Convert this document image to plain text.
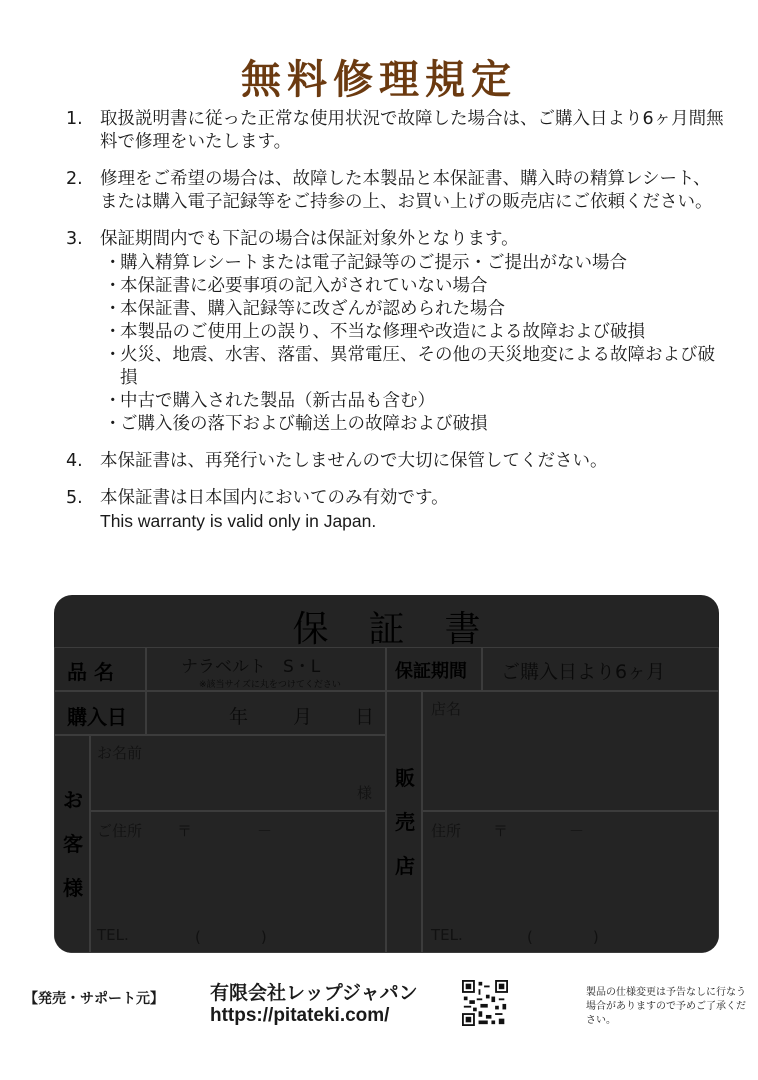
無料修理規定
1. 取扱説明書に従った正常な使用状況で故障した場合は、ご購入日より6ヶ月間無料で修理をいたします。
2. 修理をご希望の場合は、故障した本製品と本保証書、購入時の精算レシート、または購入電子記録等をご持参の上、お買い上げの販売店にご依頼ください。
3. 保証期間内でも下記の場合は保証対象外となります。
・
購入精算レシートまたは電子記録等のご提示・ご提出がない場合
・
本保証書に必要事項の記入がされていない場合
・
本保証書、購入記録等に改ざんが認められた場合
・
本製品のご使用上の誤り、不当な修理や改造による故障および破損
・
火災、地震、水害、落雷、異常電圧、その他の天災地変による故障および破損
・
中古で購入された製品（新古品も含む）
・
ご購入後の落下および輸送上の故障および破損
4. 本保証書は、再発行いたしませんので大切に保管してください。
5. 本保証書は日本国内においてのみ有効です。
This warranty is valid only in Japan.
保証書
品 名	ナラベルト　S・L
※該当サイズに丸をつけてください
保証期間 ご購入日より6ヶ月
購入日	年 月 日
お
客
様
お名前
様
ご住所 〒	－
TEL.	(　　　　)
販
売
店
店名
住所 〒	－
TEL.	(　　　　)
【発売・サポート元】 有限会社レップジャパン
https://pitateki.com/
製品の仕様変更は予告なしに行なう場合がありますので予めご了承ください。
